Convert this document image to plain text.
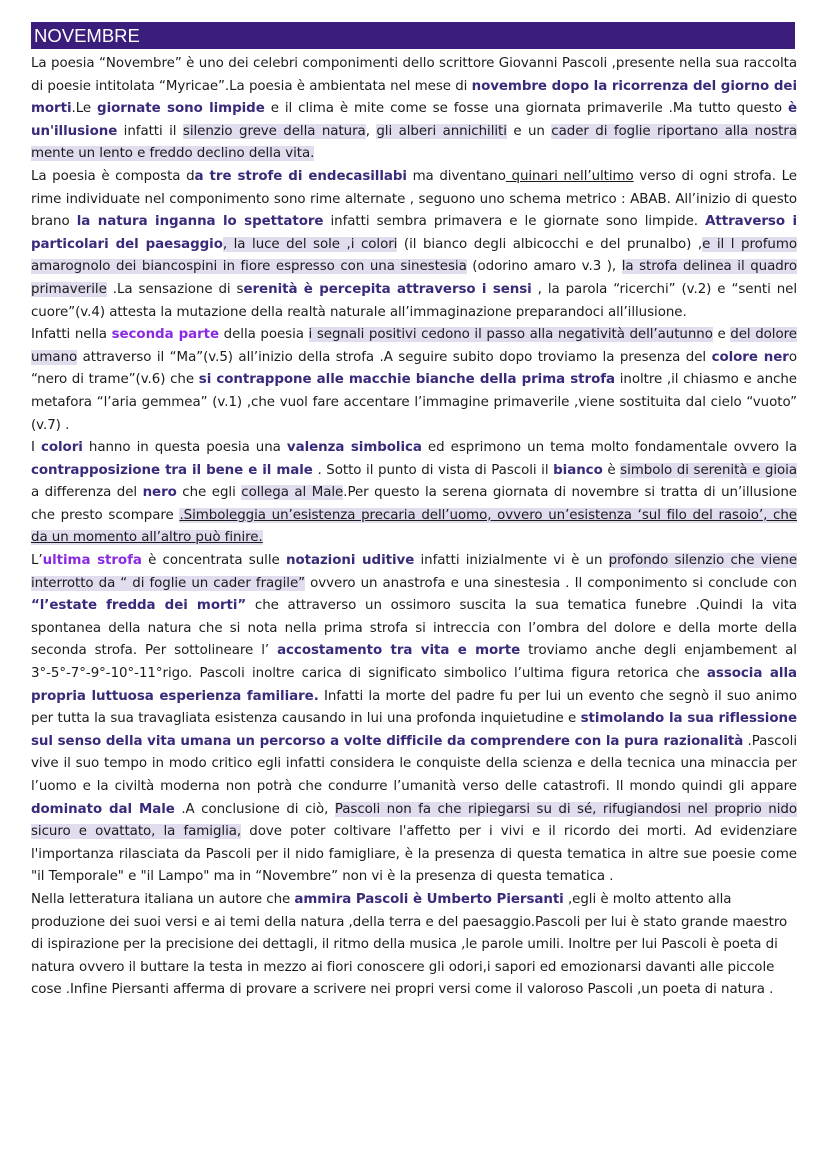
NOVEMBRE

La poesia “Novembre” è uno dei celebri componimenti dello scrittore Giovanni Pascoli ,presente nella sua raccolta di poesie intitolata “Myricae”.La poesia è ambientata nel mese di novembre dopo la ricorrenza del giorno dei morti.Le giornate sono limpide e il clima è mite come se fosse una giornata primaverile .Ma tutto questo è un'illusione infatti il silenzio greve della natura, gli alberi annichiliti e un cader di foglie riportano alla nostra mente un lento e freddo declino della vita.

La poesia è composta da tre strofe di endecasillabi ma diventano quinari nell’ultimo verso di ogni strofa. Le rime individuate nel componimento sono rime alternate , seguono uno schema metrico : ABAB. All’inizio di questo brano la natura inganna lo spettatore infatti sembra primavera e le giornate sono limpide. Attraverso i particolari del paesaggio, la luce del sole ,i colori (il bianco degli albicocchi e del prunalbo) ,e il l profumo amarognolo dei biancospini in fiore espresso con una sinestesia (odorino amaro v.3 ), la strofa delinea il quadro primaverile .La sensazione di serenità è percepita attraverso i sensi , la parola “ricerchi” (v.2) e “senti nel cuore”(v.4) attesta la mutazione della realtà naturale all’immaginazione preparandoci all’illusione.

Infatti nella seconda parte della poesia i segnali positivi cedono il passo alla negatività dell’autunno e del dolore umano attraverso il “Ma”(v.5) all’inizio della strofa .A seguire subito dopo troviamo la presenza del colore nero “nero di trame”(v.6) che si contrappone alle macchie bianche della prima strofa inoltre ,il chiasmo e anche metafora “l’aria gemmea” (v.1) ,che vuol fare accentare l’immagine primaverile ,viene sostituita dal cielo “vuoto” (v.7) .

I colori hanno in questa poesia una valenza simbolica ed esprimono un tema molto fondamentale ovvero la contrapposizione tra il bene e il male . Sotto il punto di vista di Pascoli il bianco è simbolo di serenità e gioia a differenza del nero che egli collega al Male.Per questo la serena giornata di novembre si tratta di un’illusione che presto scompare .Simboleggia un’esistenza precaria dell’uomo, ovvero un’esistenza ‘sul filo del rasoio’, che da un momento all’altro può finire.

L’ultima strofa è concentrata sulle notazioni uditive infatti inizialmente vi è un profondo silenzio che viene interrotto da “ di foglie un cader fragile” ovvero un anastrofa e una sinestesia . Il componimento si conclude con “l’estate fredda dei morti” che attraverso un ossimoro suscita la sua tematica funebre .Quindi la vita spontanea della natura che si nota nella prima strofa si intreccia con l’ombra del dolore e della morte della seconda strofa. Per sottolineare l’ accostamento tra vita e morte troviamo anche degli enjambement al 3°-5°-7°-9°-10°-11°rigo. Pascoli inoltre carica di significato simbolico l’ultima figura retorica che associa alla propria luttuosa esperienza familiare. Infatti la morte del padre fu per lui un evento che segnò il suo animo per tutta la sua travagliata esistenza causando in lui una profonda inquietudine e stimolando la sua riflessione sul senso della vita umana un percorso a volte difficile da comprendere con la pura razionalità .Pascoli vive il suo tempo in modo critico egli infatti considera le conquiste della scienza e della tecnica una minaccia per l’uomo e la civiltà moderna non potrà che condurre l’umanità verso delle catastrofi. Il mondo quindi gli appare dominato dal Male .A conclusione di ciò, Pascoli non fa che ripiegarsi su di sé, rifugiandosi nel proprio nido sicuro e ovattato, la famiglia, dove poter coltivare l'affetto per i vivi e il ricordo dei morti. Ad evidenziare l'importanza rilasciata da Pascoli per il nido famigliare, è la presenza di questa tematica in altre sue poesie come "il Temporale" e "il Lampo" ma in “Novembre” non vi è la presenza di questa tematica .

Nella letteratura italiana un autore che ammira Pascoli è Umberto Piersanti ,egli è molto attento alla produzione dei suoi versi e ai temi della natura ,della terra e del paesaggio.Pascoli per lui è stato grande maestro di ispirazione per la precisione dei dettagli, il ritmo della musica ,le parole umili. Inoltre per lui Pascoli è poeta di natura ovvero il buttare la testa in mezzo ai fiori conoscere gli odori,i sapori ed emozionarsi davanti alle piccole cose .Infine Piersanti afferma di provare a scrivere nei propri versi come il valoroso Pascoli ,un poeta di natura .
